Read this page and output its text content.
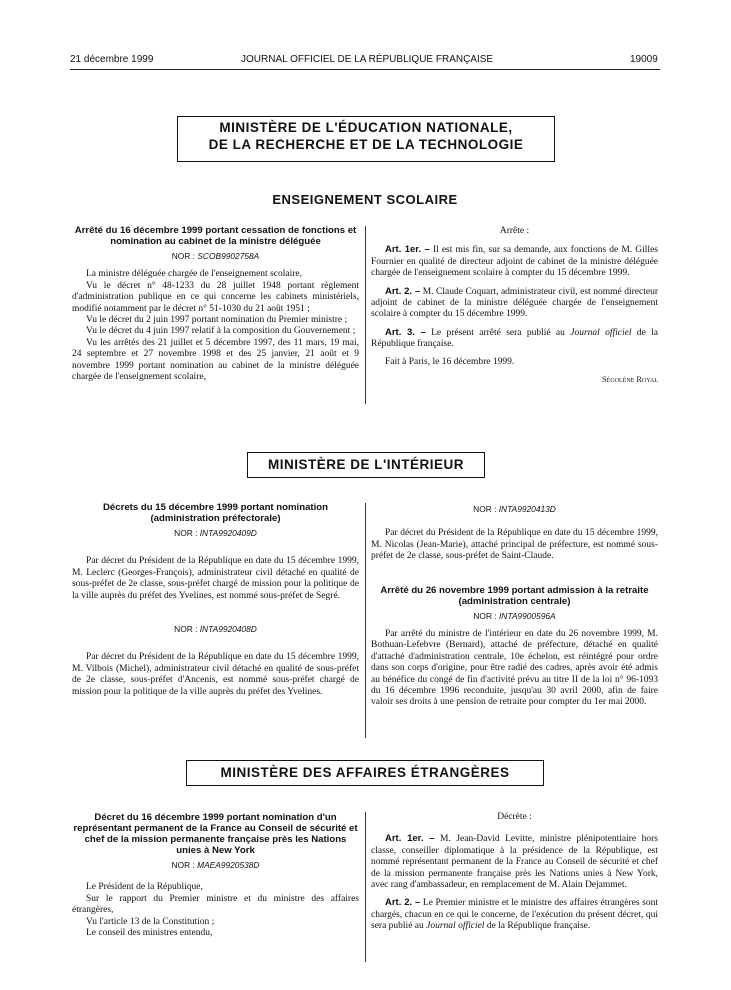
21 décembre 1999	JOURNAL OFFICIEL DE LA RÉPUBLIQUE FRANÇAISE	19009
MINISTÈRE DE L'ÉDUCATION NATIONALE,
DE LA RECHERCHE ET DE LA TECHNOLOGIE
ENSEIGNEMENT SCOLAIRE
Arrêté du 16 décembre 1999 portant cessation de fonctions et nomination au cabinet de la ministre déléguée
NOR : SCOB9902758A

La ministre déléguée chargée de l'enseignement scolaire,

Vu le décret n° 48-1233 du 28 juillet 1948 portant règlement d'administration publique en ce qui concerne les cabinets ministériels, modifié notamment par le décret n° 51-1030 du 21 août 1951 ;

Vu le décret du 2 juin 1997 portant nomination du Premier ministre ;

Vu le décret du 4 juin 1997 relatif à la composition du Gouvernement ;

Vu les arrêtés des 21 juillet et 5 décembre 1997, des 11 mars, 19 mai, 24 septembre et 27 novembre 1998 et des 25 janvier, 21 août et 9 novembre 1999 portant nomination au cabinet de la ministre déléguée chargée de l'enseignement scolaire,

Arrête :

Art. 1er. – Il est mis fin, sur sa demande, aux fonctions de M. Gilles Fournier en qualité de directeur adjoint de cabinet de la ministre déléguée chargée de l'enseignement scolaire à compter du 15 décembre 1999.

Art. 2. – M. Claude Coquart, administrateur civil, est nommé directeur adjoint de cabinet de la ministre déléguée chargée de l'enseignement scolaire à compter du 15 décembre 1999.

Art. 3. – Le présent arrêté sera publié au Journal officiel de la République française.

Fait à Paris, le 16 décembre 1999.

Ségolène Royal
MINISTÈRE DE L'INTÉRIEUR
Décrets du 15 décembre 1999 portant nomination (administration préfectorale)
NOR : INTA9920409D

Par décret du Président de la République en date du 15 décembre 1999, M. Leclerc (Georges-François), administrateur civil détaché en qualité de sous-préfet de 2e classe, sous-préfet chargé de mission pour la politique de la ville auprès du préfet des Yvelines, est nommé sous-préfet de Segré.

NOR : INTA9920408D

Par décret du Président de la République en date du 15 décembre 1999, M. Vilbois (Michel), administrateur civil détaché en qualité de sous-préfet de 2e classe, sous-préfet d'Ancenis, est nommé sous-préfet chargé de mission pour la politique de la ville auprès du préfet des Yvelines.

NOR : INTA9920413D

Par décret du Président de la République en date du 15 décembre 1999, M. Nicolas (Jean-Marie), attaché principal de préfecture, est nommé sous-préfet de 2e classe, sous-préfet de Saint-Claude.

Arrêté du 26 novembre 1999 portant admission à la retraite (administration centrale)
NOR : INTA9900596A

Par arrêté du ministre de l'intérieur en date du 26 novembre 1999, M. Bothuan-Lefebvre (Bernard), attaché de préfecture, détaché en qualité d'attaché d'administration centrale, 10e échelon, est réintégré pour ordre dans son corps d'origine, pour être radié des cadres, après avoir été admis au bénéfice du congé de fin d'activité prévu au titre II de la loi n° 96-1093 du 16 décembre 1996 reconduite, jusqu'au 30 avril 2000, afin de faire valoir ses droits à une pension de retraite pour compter du 1er mai 2000.

MINISTÈRE DES AFFAIRES ÉTRANGÈRES
Décret du 16 décembre 1999 portant nomination d'un représentant permanent de la France au Conseil de sécurité et chef de la mission permanente française près les Nations unies à New York
NOR : MAEA9920538D

Le Président de la République,

Sur le rapport du Premier ministre et du ministre des affaires étrangères,

Vu l'article 13 de la Constitution ;

Le conseil des ministres entendu,

Décrète :

Art. 1er. – M. Jean-David Levitte, ministre plénipotentiaire hors classe, conseiller diplomatique à la présidence de la République, est nommé représentant permanent de la France au Conseil de sécurité et chef de la mission permanente française près les Nations unies à New York, avec rang d'ambassadeur, en remplacement de M. Alain Dejammet.

Art. 2. – Le Premier ministre et le ministre des affaires étrangères sont chargés, chacun en ce qui le concerne, de l'exécution du présent décret, qui sera publié au Journal officiel de la République française.
